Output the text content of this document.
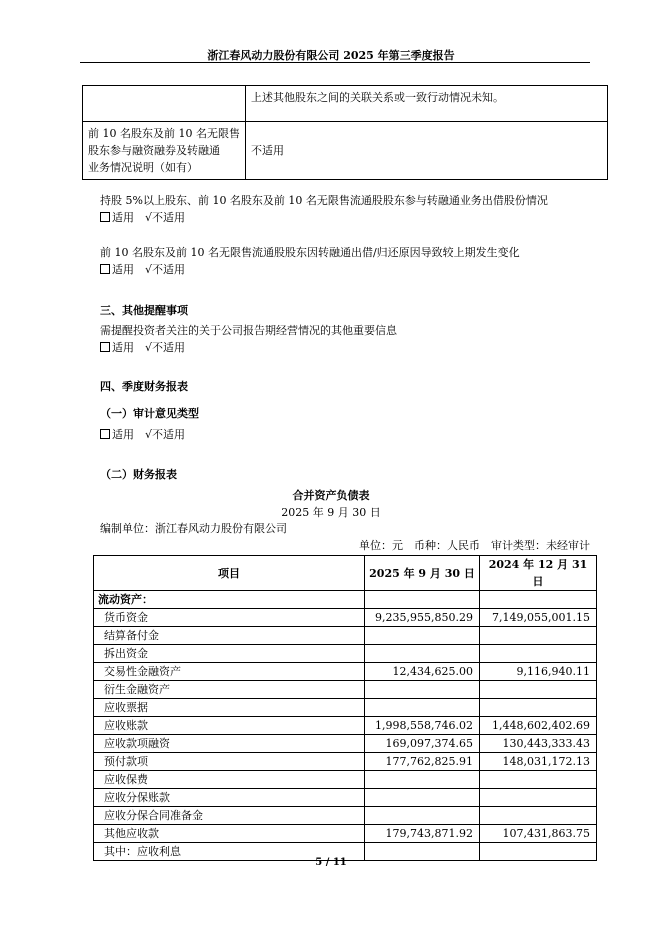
浙江春风动力股份有限公司 2025 年第三季度报告
	上述其他股东之间的关联关系或一致行动情况未知。

前 10 名股东及前 10 名无限售
股东参与融资融券及转融通
业务情况说明（如有）	不适用
持股 5%以上股东、前 10 名股东及前 10 名无限售流通股股东参与转融通业务出借股份情况
适用　 √不适用
前 10 名股东及前 10 名无限售流通股股东因转融通出借/归还原因导致较上期发生变化
适用　 √不适用
三、其他提醒事项
需提醒投资者关注的关于公司报告期经营情况的其他重要信息
适用　 √不适用
四、季度财务报表
（一）审计意见类型
适用　 √不适用
（二）财务报表
合并资产负债表
2025 年 9 月 30 日
编制单位：浙江春风动力股份有限公司
单位：元　币种：人民币　审计类型：未经审计
项目	2025 年 9 月 30 日	2024 年 12 月 31 日
流动资产：		
货币资金	9,235,955,850.29	7,149,055,001.15
结算备付金		
拆出资金		
交易性金融资产	12,434,625.00	9,116,940.11
衍生金融资产		
应收票据		
应收账款	1,998,558,746.02	1,448,602,402.69
应收款项融资	169,097,374.65	130,443,333.43
预付款项	177,762,825.91	148,031,172.13
应收保费		
应收分保账款		
应收分保合同准备金		
其他应收款	179,743,871.92	107,431,863.75
其中：应收利息		
5 / 11
